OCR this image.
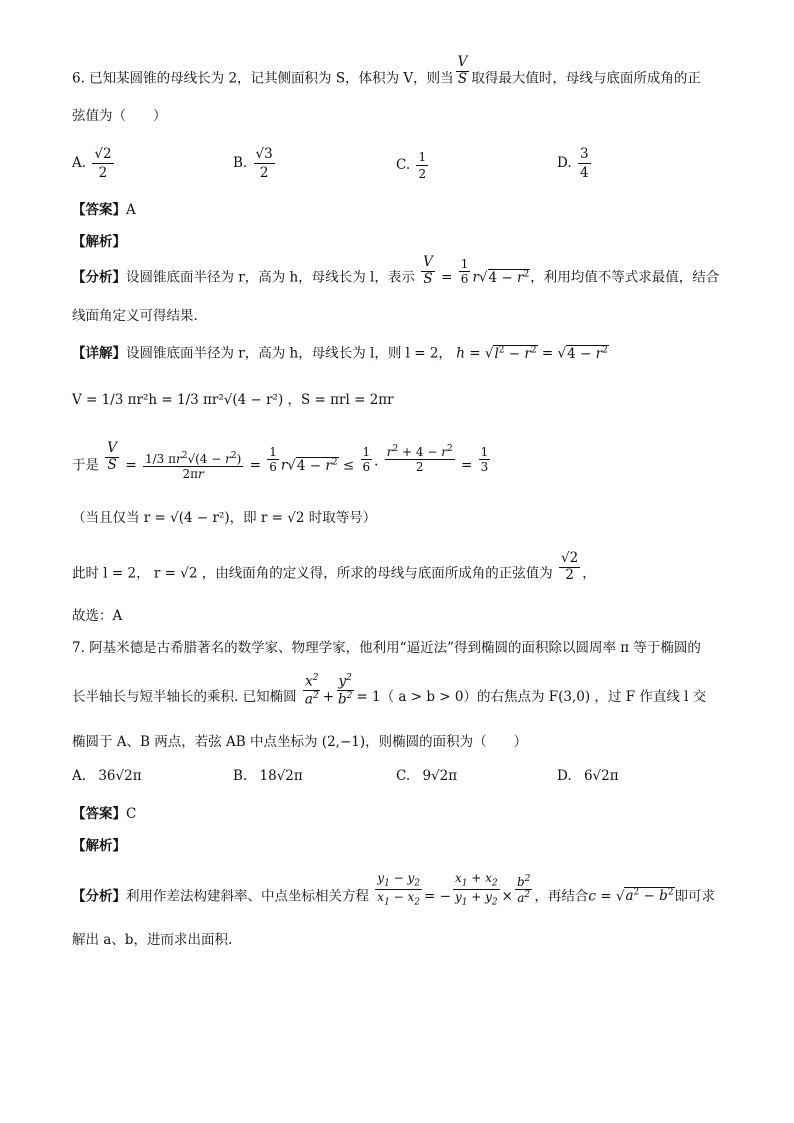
6. 已知某圆锥的母线长为 2，记其侧面积为 S，体积为 V，则当 $\frac{V}{S}$ 取得最大值时，母线与底面所成角的正
弦值为（　　）
A. $\frac{√2}{2}$	B. $\frac{√3}{2}$	C. $\frac{1}{2}$	D. $\frac{3}{4}$
【答案】A
【解析】
【分析】设圆锥底面半径为 r，高为 h，母线长为 l，表示 $\frac{V}{S} = \frac{1}{6} r√4 - r^2$，利用均值不等式求最值，结合
线面角定义可得结果.
【详解】设圆锥底面半径为 r，高为 h，母线长为 l，则 l = 2， $h = √l^2 - r^2 = √4 - r^2$
V = 1/3 πr²h = 1/3 πr²√(4 − r²) ，S = πrl = 2πr
于是 $\frac{V}{S} = \frac{1/3 \pi r^2√(4 - r^2)}{2\pi r} = \frac{1}{6} r√4 - r^2 \le \frac{1}{6} \cdot \frac{r^2 + 4 - r^2}{2} = \frac{1}{3}$
（当且仅当 r = √(4 − r²)，即 r = √2 时取等号）
此时 l = 2， r = √2 ，由线面角的定义得，所求的母线与底面所成角的正弦值为 $\frac{√2}{2}$ ，
故选：A
7. 阿基米德是古希腊著名的数学家、物理学家，他利用“逼近法”得到椭圆的面积除以圆周率 π 等于椭圆的
长半轴长与短半轴长的乘积. 已知椭圆 $\frac{x^2}{a^2} + \frac{y^2}{b^2} = 1$（ a > b > 0）的右焦点为 F(3,0) ，过 F 作直线 l 交
椭圆于 A、B 两点，若弦 AB 中点坐标为 (2,−1)，则椭圆的面积为（　　）
A. 36√2π	B. 18√2π	C. 9√2π	D. 6√2π
【答案】C
【解析】
【分析】利用作差法构建斜率、中点坐标相关方程 $\frac{y_1 - y_2}{x_1 - x_2}$ = − $\frac{x_1 + x_2}{y_1 + y_2} \times \frac{b^2}{a^2}$ ，再结合$c = √a^2 - b^2$即可求
解出 a、b，进而求出面积.
